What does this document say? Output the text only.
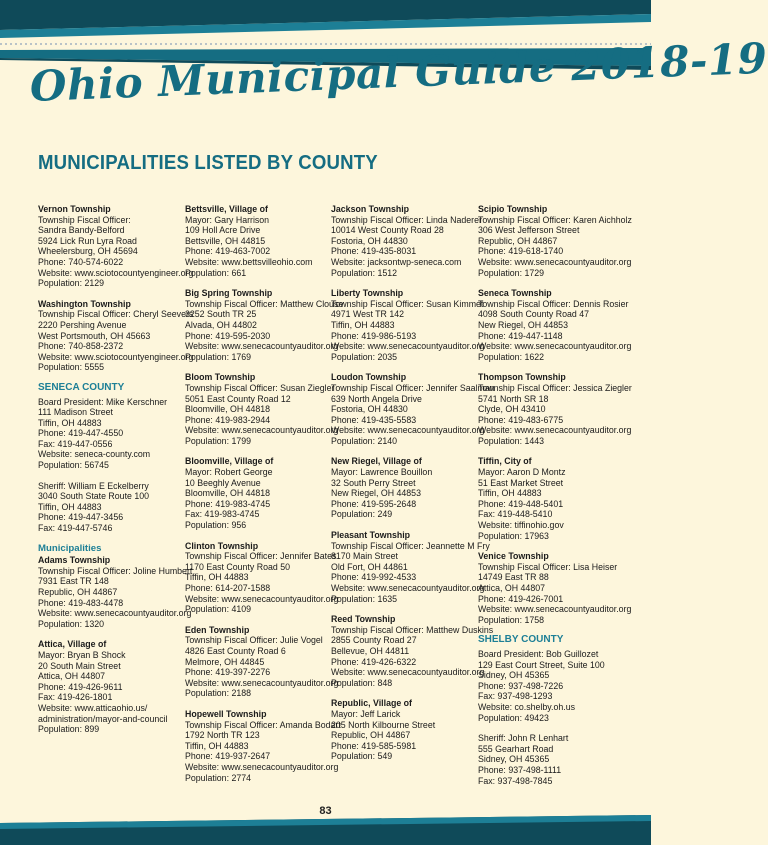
Ohio Municipal Guide 2018-19
MUNICIPALITIES LISTED BY COUNTY
Vernon Township
Township Fiscal Officer:
Sandra Bandy-Belford
5924 Lick Run Lyra Road
Wheelersburg, OH 45694
Phone: 740-574-6022
Website: www.sciotocountyengineer.org
Population: 2129
Washington Township
Township Fiscal Officer: Cheryl Seevers
2220 Pershing Avenue
West Portsmouth, OH 45663
Phone: 740-858-2372
Website: www.sciotocountyengineer.org
Population: 5555
SENECA COUNTY
Board President: Mike Kerschner
111 Madison Street
Tiffin, OH 44883
Phone: 419-447-4550
Fax: 419-447-0556
Website: seneca-county.com
Population: 56745
Sheriff: William E Eckelberry
3040 South State Route 100
Tiffin, OH 44883
Phone: 419-447-3456
Fax: 419-447-5746
Municipalities
Adams Township
Township Fiscal Officer: Joline Humbert
7931 East TR 148
Republic, OH 44867
Phone: 419-483-4478
Website: www.senecacountyauditor.org
Population: 1320
Attica, Village of
Mayor: Bryan B Shock
20 South Main Street
Attica, OH 44807
Phone: 419-426-9611
Fax: 419-426-1801
Website: www.atticaohio.us/
administration/mayor-and-council
Population: 899
Bettsville, Village of
Mayor: Gary Harrison
109 Holl Acre Drive
Bettsville, OH 44815
Phone: 419-463-7002
Website: www.bettsvilleohio.com
Population: 661
Big Spring Township
Township Fiscal Officer: Matthew Clouse
3252 South TR 25
Alvada, OH 44802
Phone: 419-595-2030
Website: www.senecacountyauditor.org
Population: 1769
Bloom Township
Township Fiscal Officer: Susan Ziegler
5051 East County Road 12
Bloomville, OH 44818
Phone: 419-983-2944
Website: www.senecacountyauditor.org
Population: 1799
Bloomville, Village of
Mayor: Robert George
10 Beeghly Avenue
Bloomville, OH 44818
Phone: 419-983-4745
Fax: 419-983-4745
Population: 956
Clinton Township
Township Fiscal Officer: Jennifer Bates
1170 East County Road 50
Tiffin, OH 44883
Phone: 614-207-1588
Website: www.senecacountyauditor.org
Population: 4109
Eden Township
Township Fiscal Officer: Julie Vogel
4826 East County Road 6
Melmore, OH 44845
Phone: 419-397-2276
Website: www.senecacountyauditor.org
Population: 2188
Hopewell Township
Township Fiscal Officer: Amanda Bodart
1792 North TR 123
Tiffin, OH 44883
Phone: 419-937-2647
Website: www.senecacountyauditor.org
Population: 2774
Jackson Township
Township Fiscal Officer: Linda Naderer
10014 West County Road 28
Fostoria, OH 44830
Phone: 419-435-8031
Website: jacksontwp-seneca.com
Population: 1512
Liberty Township
Township Fiscal Officer: Susan Kimmet
4971 West TR 142
Tiffin, OH 44883
Phone: 419-986-5193
Website: www.senecacountyauditor.org
Population: 2035
Loudon Township
Township Fiscal Officer: Jennifer Saalman
639 North Angela Drive
Fostoria, OH 44830
Phone: 419-435-5583
Website: www.senecacountyauditor.org
Population: 2140
New Riegel, Village of
Mayor: Lawrence Bouillon
32 South Perry Street
New Riegel, OH 44853
Phone: 419-595-2648
Population: 249
Pleasant Township
Township Fiscal Officer: Jeannette M Fry
8170 Main Street
Old Fort, OH 44861
Phone: 419-992-4533
Website: www.senecacountyauditor.org
Population: 1635
Reed Township
Township Fiscal Officer: Matthew Duskins
2855 County Road 27
Bellevue, OH 44811
Phone: 419-426-6322
Website: www.senecacountyauditor.org
Population: 848
Republic, Village of
Mayor: Jeff Larick
205 North Kilbourne Street
Republic, OH 44867
Phone: 419-585-5981
Population: 549
Scipio Township
Township Fiscal Officer: Karen Aichholz
306 West Jefferson Street
Republic, OH 44867
Phone: 419-618-1740
Website: www.senecacountyauditor.org
Population: 1729
Seneca Township
Township Fiscal Officer: Dennis Rosier
4098 South County Road 47
New Riegel, OH 44853
Phone: 419-447-1148
Website: www.senecacountyauditor.org
Population: 1622
Thompson Township
Township Fiscal Officer: Jessica Ziegler
5741 North SR 18
Clyde, OH 43410
Phone: 419-483-6775
Website: www.senecacountyauditor.org
Population: 1443
Tiffin, City of
Mayor: Aaron D Montz
51 East Market Street
Tiffin, OH 44883
Phone: 419-448-5401
Fax: 419-448-5410
Website: tiffinohio.gov
Population: 17963
Venice Township
Township Fiscal Officer: Lisa Heiser
14749 East TR 88
Attica, OH 44807
Phone: 419-426-7001
Website: www.senecacountyauditor.org
Population: 1758
SHELBY COUNTY
Board President: Bob Guillozet
129 East Court Street, Suite 100
Sidney, OH 45365
Phone: 937-498-7226
Fax: 937-498-1293
Website: co.shelby.oh.us
Population: 49423
Sheriff: John R Lenhart
555 Gearhart Road
Sidney, OH 45365
Phone: 937-498-1111
Fax: 937-498-7845
83
